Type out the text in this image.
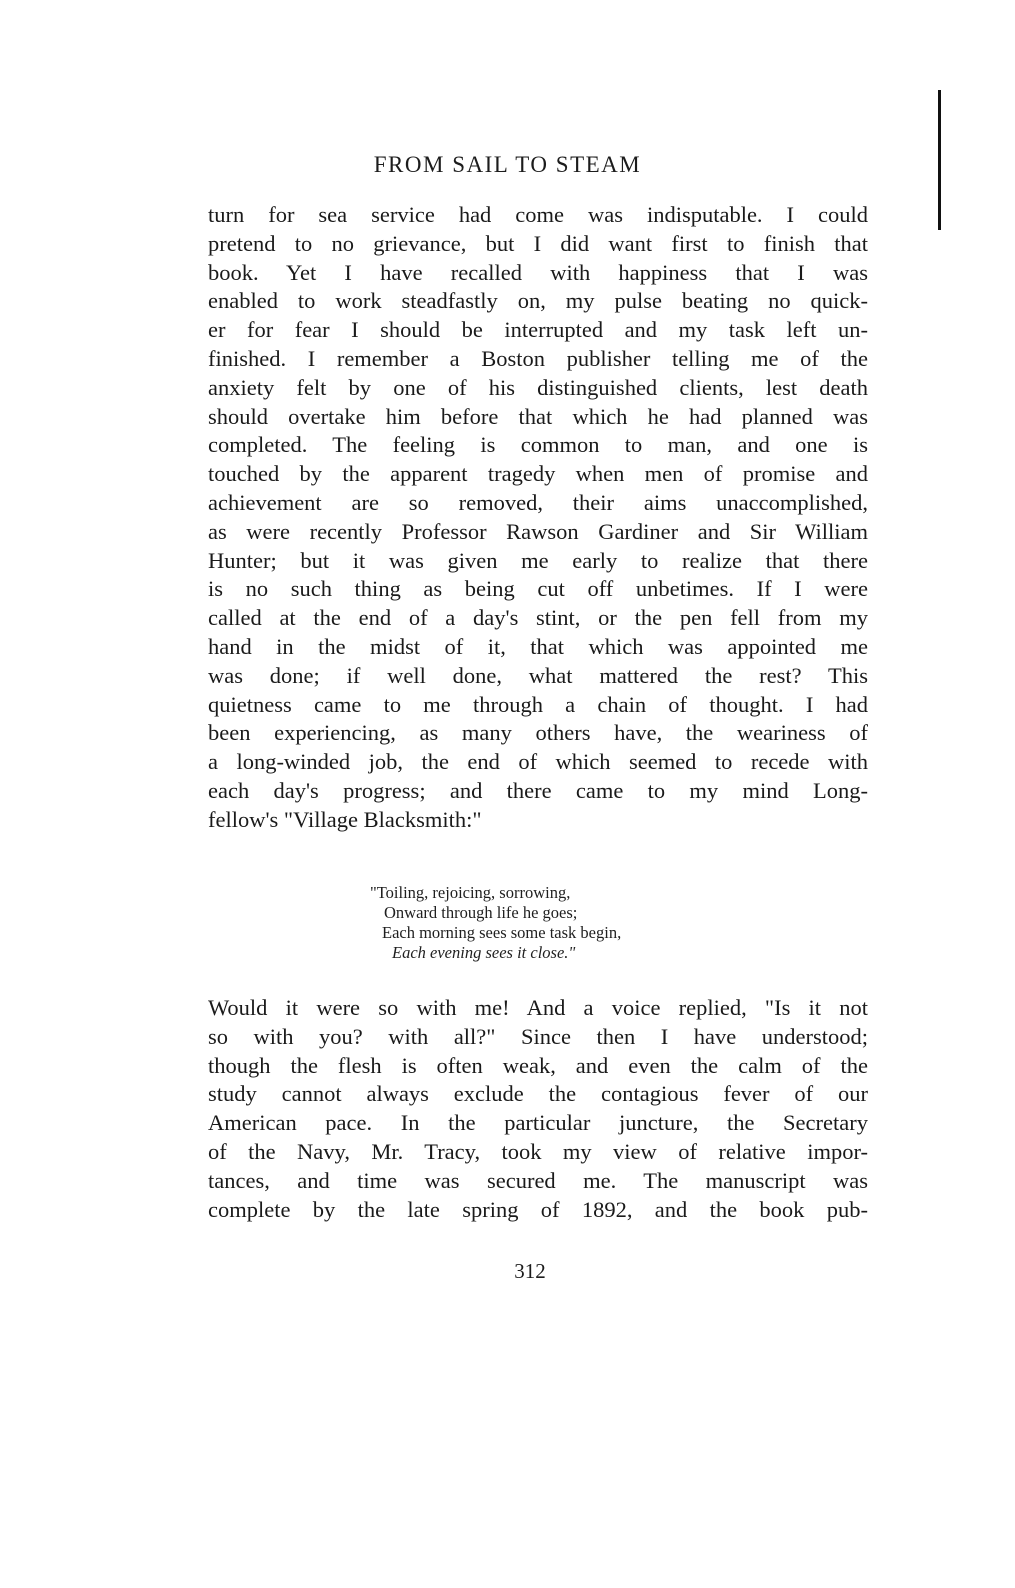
FROM SAIL TO STEAM
turn for sea service had come was indisputable. I could
pretend to no grievance, but I did want first to finish that
book. Yet I have recalled with happiness that I was
enabled to work steadfastly on, my pulse beating no quick-
er for fear I should be interrupted and my task left un-
finished. I remember a Boston publisher telling me of the
anxiety felt by one of his distinguished clients, lest death
should overtake him before that which he had planned was
completed. The feeling is common to man, and one is
touched by the apparent tragedy when men of promise and
achievement are so removed, their aims unaccomplished,
as were recently Professor Rawson Gardiner and Sir William
Hunter; but it was given me early to realize that there
is no such thing as being cut off unbetimes. If I were
called at the end of a day's stint, or the pen fell from my
hand in the midst of it, that which was appointed me
was done; if well done, what mattered the rest? This
quietness came to me through a chain of thought. I had
been experiencing, as many others have, the weariness of
a long-winded job, the end of which seemed to recede with
each day's progress; and there came to my mind Long-
fellow's "Village Blacksmith:"
"Toiling, rejoicing, sorrowing,
Onward through life he goes;
Each morning sees some task begin,
Each evening sees it close."
Would it were so with me! And a voice replied, "Is it not
so with you? with all?" Since then I have understood;
though the flesh is often weak, and even the calm of the
study cannot always exclude the contagious fever of our
American pace. In the particular juncture, the Secretary
of the Navy, Mr. Tracy, took my view of relative impor-
tances, and time was secured me. The manuscript was
complete by the late spring of 1892, and the book pub-
312
